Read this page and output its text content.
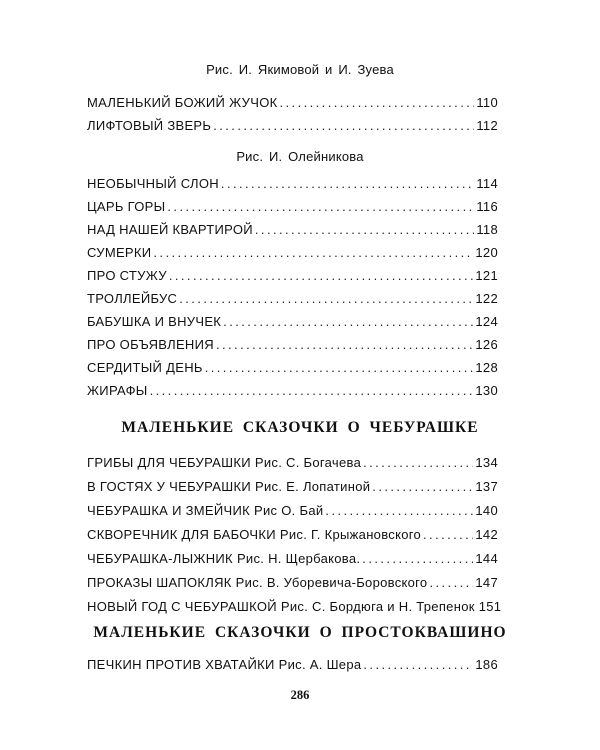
Рис. И. Якимовой и И. Зуева
МАЛЕНЬКИЙ БОЖИЙ ЖУЧОК . . .	110
ЛИФТОВЫЙ ЗВЕРЬ . . .	112
Рис. И. Олейникова
НЕОБЫЧНЫЙ СЛОН . . .	114
ЦАРЬ ГОРЫ . . .	116
НАД НАШЕЙ КВАРТИРОЙ . . .	118
СУМЕРКИ . . .	120
ПРО СТУЖУ . . .	121
ТРОЛЛЕЙБУС . . .	122
БАБУШКА И ВНУЧЕК . . .	124
ПРО ОБЪЯВЛЕНИЯ . . .	126
СЕРДИТЫЙ ДЕНЬ . . .	128
ЖИРАФЫ . . .	130
МАЛЕНЬКИЕ СКАЗОЧКИ О ЧЕБУРАШКЕ
ГРИБЫ ДЛЯ ЧЕБУРАШКИ Рис. С. Богачева . . .	134
В ГОСТЯХ У ЧЕБУРАШКИ Рис. Е. Лопатиной . . .	137
ЧЕБУРАШКА И ЗМЕЙЧИК Рис О. Бай . . .	140
СКВОРЕЧНИК ДЛЯ БАБОЧКИ Рис. Г. Крыжановского . . .	142
ЧЕБУРАШКА-ЛЫЖНИК Рис. Н. Щербакова. . . .	144
ПРОКАЗЫ ШАПОКЛЯК Рис. В. Уборевича-Боровского . . .	147
НОВЫЙ ГОД С ЧЕБУРАШКОЙ Рис. С. Бордюга и Н. Трепенок 151
МАЛЕНЬКИЕ СКАЗОЧКИ О ПРОСТОКВАШИНО
ПЕЧКИН ПРОТИВ ХВАТАЙКИ Рис. А. Шера . . .	186
286
